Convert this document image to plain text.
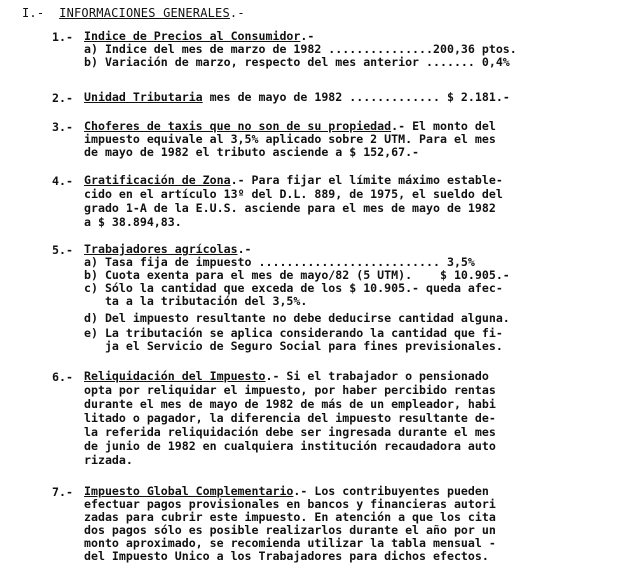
I.- INFORMACIONES GENERALES.-
1.- Indice de Precios al Consumidor.-
a) Indice del mes de marzo de 1982 ...............200,36 ptos.
b) Variación de marzo, respecto del mes anterior ....... 0,4%
2.- Unidad Tributaria mes de mayo de 1982 ............. $ 2.181.-
3.- Choferes de taxis que no son de su propiedad.- El monto del
impuesto equivale al 3,5% aplicado sobre 2 UTM. Para el mes
de mayo de 1982 el tributo asciende a $ 152,67.-
4.- Gratificación de Zona.- Para fijar el límite máximo estable-
cido en el artículo 13º del D.L. 889, de 1975, el sueldo del
grado 1-A de la E.U.S. asciende para el mes de mayo de 1982
a $ 38.894,83.
5.- Trabajadores agrícolas.-
a) Tasa fija de impuesto .......................... 3,5%
b) Cuota exenta para el mes de mayo/82 (5 UTM).    $ 10.905.-
c) Sólo la cantidad que exceda de los $ 10.905.- queda afec-
ta a la tributación del 3,5%.
d) Del impuesto resultante no debe deducirse cantidad alguna.
e) La tributación se aplica considerando la cantidad que fi-
ja el Servicio de Seguro Social para fines previsionales.
6.- Reliquidación del Impuesto.- Si el trabajador o pensionado
opta por reliquidar el impuesto, por haber percibido rentas
durante el mes de mayo de 1982 de más de un empleador, habi
litado o pagador, la diferencia del impuesto resultante de-
la referida reliquidación debe ser ingresada durante el mes
de junio de 1982 en cualquiera institución recaudadora auto
rizada.
7.- Impuesto Global Complementario.- Los contribuyentes pueden
efectuar pagos provisionales en bancos y financieras autori
zadas para cubrir este impuesto. En atención a que los cita
dos pagos sólo es posible realizarlos durante el año por un
monto aproximado, se recomienda utilizar la tabla mensual -
del Impuesto Unico a los Trabajadores para dichos efectos.
